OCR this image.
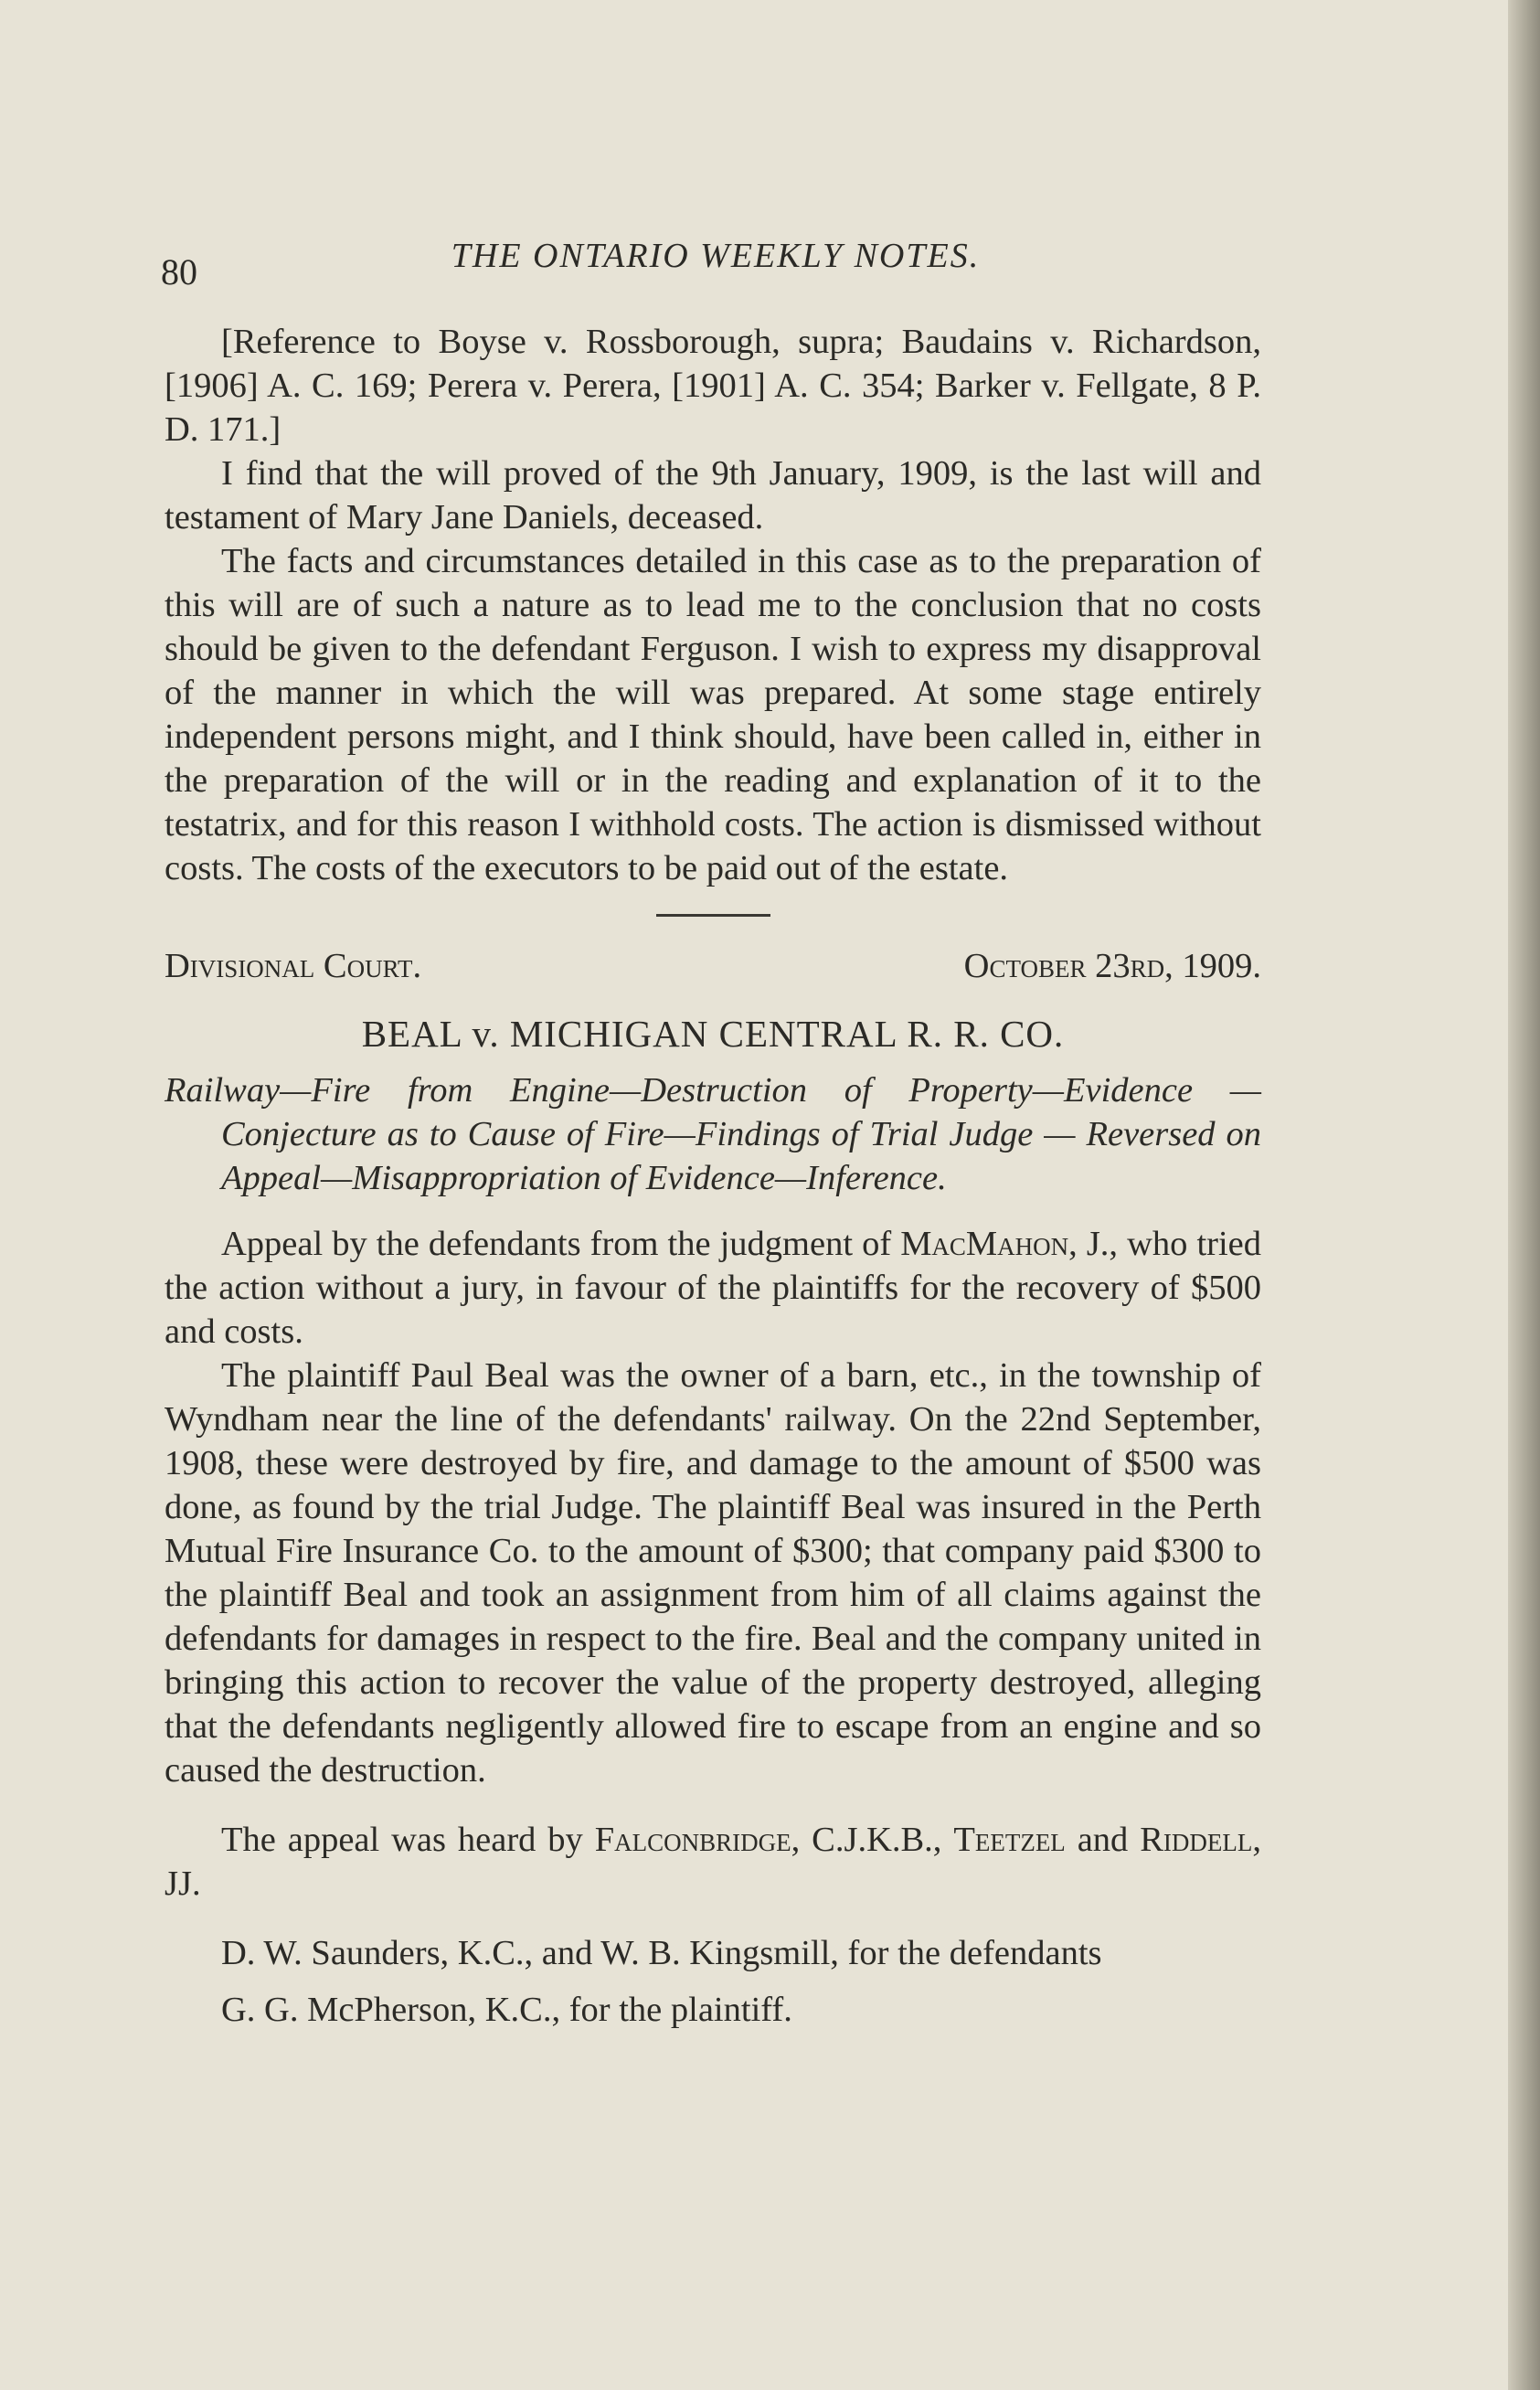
80	THE ONTARIO WEEKLY NOTES.

[Reference to Boyse v. Rossborough, supra; Baudains v. Richardson, [1906] A. C. 169; Perera v. Perera, [1901] A. C. 354; Barker v. Fellgate, 8 P. D. 171.]

I find that the will proved of the 9th January, 1909, is the last will and testament of Mary Jane Daniels, deceased.

The facts and circumstances detailed in this case as to the preparation of this will are of such a nature as to lead me to the conclusion that no costs should be given to the defendant Ferguson. I wish to express my disapproval of the manner in which the will was prepared. At some stage entirely independent persons might, and I think should, have been called in, either in the preparation of the will or in the reading and explanation of it to the testatrix, and for this reason I withhold costs. The action is dismissed without costs. The costs of the executors to be paid out of the estate.

Divisional Court.	October 23rd, 1909.
BEAL v. MICHIGAN CENTRAL R. R. CO.
Railway—Fire from Engine—Destruction of Property—Evidence —Conjecture as to Cause of Fire—Findings of Trial Judge — Reversed on Appeal—Misappropriation of Evidence—Inference.

Appeal by the defendants from the judgment of MacMahon, J., who tried the action without a jury, in favour of the plaintiffs for the recovery of $500 and costs.

The plaintiff Paul Beal was the owner of a barn, etc., in the township of Wyndham near the line of the defendants' railway. On the 22nd September, 1908, these were destroyed by fire, and damage to the amount of $500 was done, as found by the trial Judge. The plaintiff Beal was insured in the Perth Mutual Fire Insurance Co. to the amount of $300; that company paid $300 to the plaintiff Beal and took an assignment from him of all claims against the defendants for damages in respect to the fire. Beal and the company united in bringing this action to recover the value of the property destroyed, alleging that the defendants negligently allowed fire to escape from an engine and so caused the destruction.

The appeal was heard by Falconbridge, C.J.K.B., Teetzel and Riddell, JJ.

D. W. Saunders, K.C., and W. B. Kingsmill, for the defendants

G. G. McPherson, K.C., for the plaintiff.
